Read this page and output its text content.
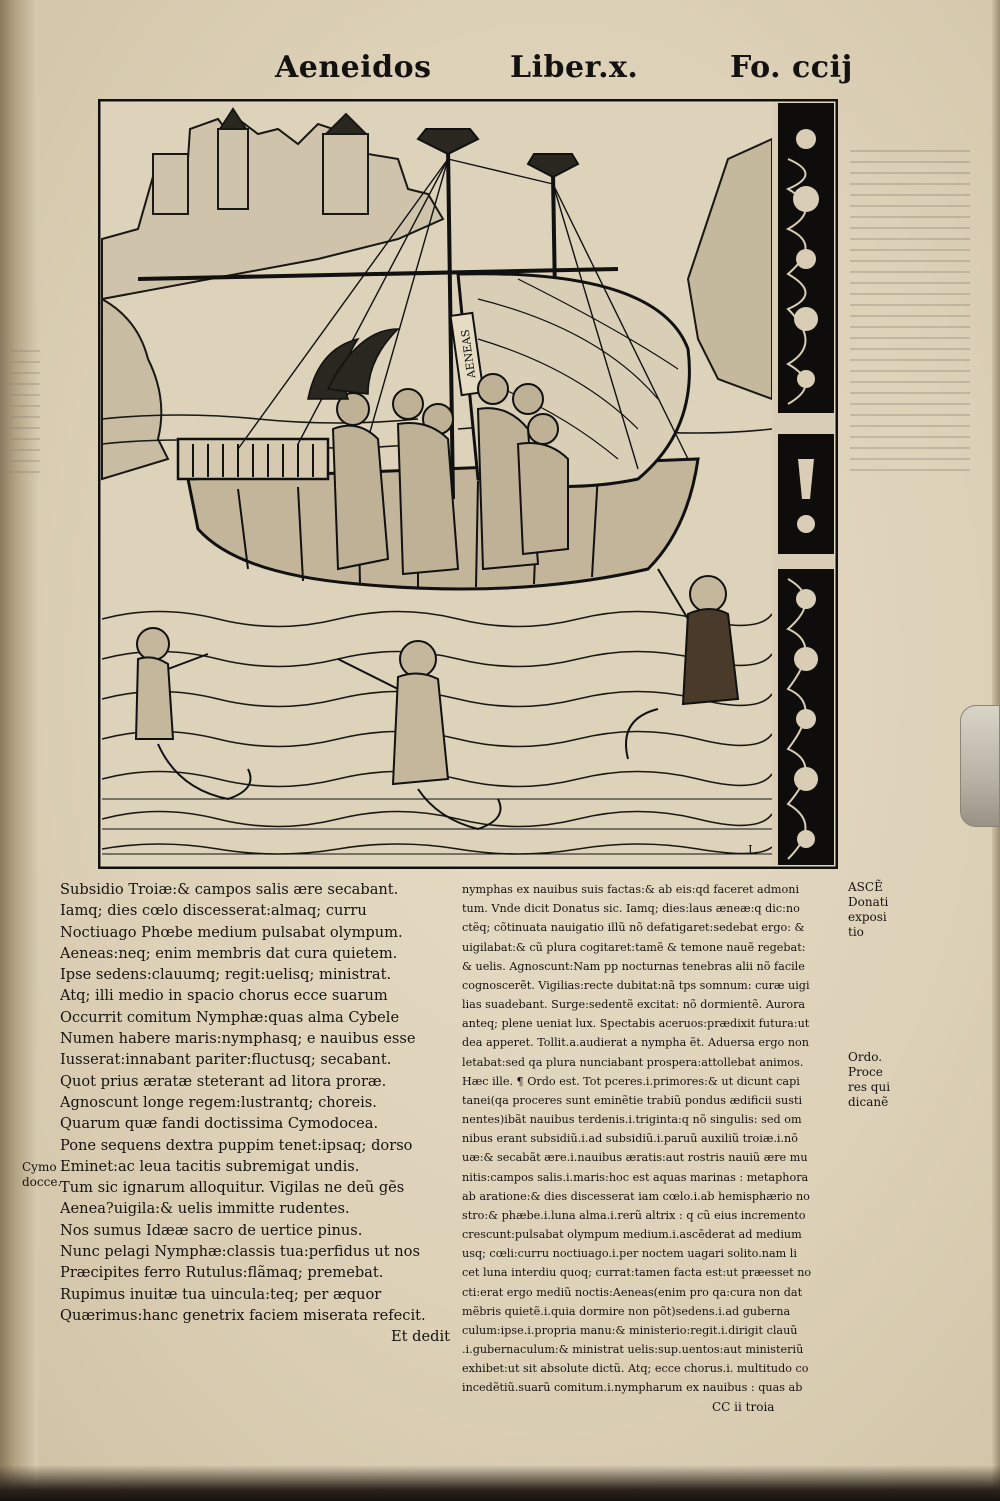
Aeneidos	Liber.x.	Fo. ccij
AENEAS
L
Subsidio Troiæ:& campos salis ære secabant.
Iamq; dies cœlo discesserat:almaq; curru
Noctiuago Phœbe medium pulsabat olympum.
Aeneas:neq; enim membris dat cura quietem.
Ipse sedens:clauumq; regit:uelisq; ministrat.
Atq; illi medio in spacio chorus ecce suarum
Occurrit comitum Nymphæ:quas alma Cybele
Numen habere maris:nymphasq; e nauibus esse
Iusserat:innabant pariter:fluctusq; secabant.
Quot prius æratæ steterant ad litora proræ.
Agnoscunt longe regem:lustrantq; choreis.
Quarum quæ fandi doctissima Cymodocea.
Pone sequens dextra puppim tenet:ipsaq; dorso
Eminet:ac leua tacitis subremigat undis.
Tum sic ignarum alloquitur. Vigilas ne deũ gẽs
Aenea?uigila:& uelis immitte rudentes.
Nos sumus Idææ sacro de uertice pinus.
Nunc pelagi Nymphæ:classis tua:perfidus ut nos
Præcipites ferro Rutulus:flãmaq; premebat.
Rupimus inuitæ tua uincula:teq; per æquor
Quærimus:hanc genetrix faciem miserata refecit.
Et dedit
nymphas ex nauibus suis factas:& ab eis:qd faceret admoni
tum. Vnde dicit Donatus sic. Iamq; dies:laus æneæ:q dic:no
ctẽq; cõtinuata nauigatio illũ nõ defatigaret:sedebat ergo: &
uigilabat:& cũ plura cogitaret:tamẽ & temone nauẽ regebat:
& uelis. Agnoscunt:Nam pp nocturnas tenebras alii nõ facile
cognoscerẽt. Vigilias:recte dubitat:nã tps somnum: curæ uigi
lias suadebant. Surge:sedentẽ excitat: nõ dormientẽ. Aurora
anteq; plene ueniat lux. Spectabis aceruos:prædixit futura:ut
dea apperet. Tollit.a.audierat a nympha ẽt. Aduersa ergo non
letabat:sed qa plura nunciabant prospera:attollebat animos.
Hæc ille. ¶ Ordo est. Tot pceres.i.primores:& ut dicunt capi
tanei(qa proceres sunt eminẽtie trabiũ pondus ædificii susti
nentes)ibãt nauibus terdenis.i.triginta:q nõ singulis: sed om
nibus erant subsidiũ.i.ad subsidiũ.i.paruũ auxiliũ troiæ.i.nõ
uæ:& secabãt ære.i.nauibus æratis:aut rostris nauiũ ære mu
nitis:campos salis.i.maris:hoc est aquas marinas : metaphora
ab aratione:& dies discesserat iam cœlo.i.ab hemisphærio no
stro:& phæbe.i.luna alma.i.rerũ altrix : q cũ eius incremento
crescunt:pulsabat olympum medium.i.ascẽderat ad medium
usq; cœli:curru noctiuago.i.per noctem uagari solito.nam li
cet luna interdiu quoq; currat:tamen facta est:ut præesset no
cti:erat ergo mediũ noctis:Aeneas(enim pro qa:cura non dat
mẽbris quietẽ.i.quia dormire non põt)sedens.i.ad guberna
culum:ipse.i.propria manu:& ministerio:regit.i.dirigit clauũ
.i.gubernaculum:& ministrat uelis:sup.uentos:aut ministeriũ
exhibet:ut sit absolute dictũ. Atq; ecce chorus.i. multitudo co
incedẽtiũ.suarũ comitum.i.nympharum ex nauibus : quas ab
CC ii troia
ASCẼ
Donati
exposi
tio
Ordo.
Proce
res qui
dicanẽ
Cymo
docce.
